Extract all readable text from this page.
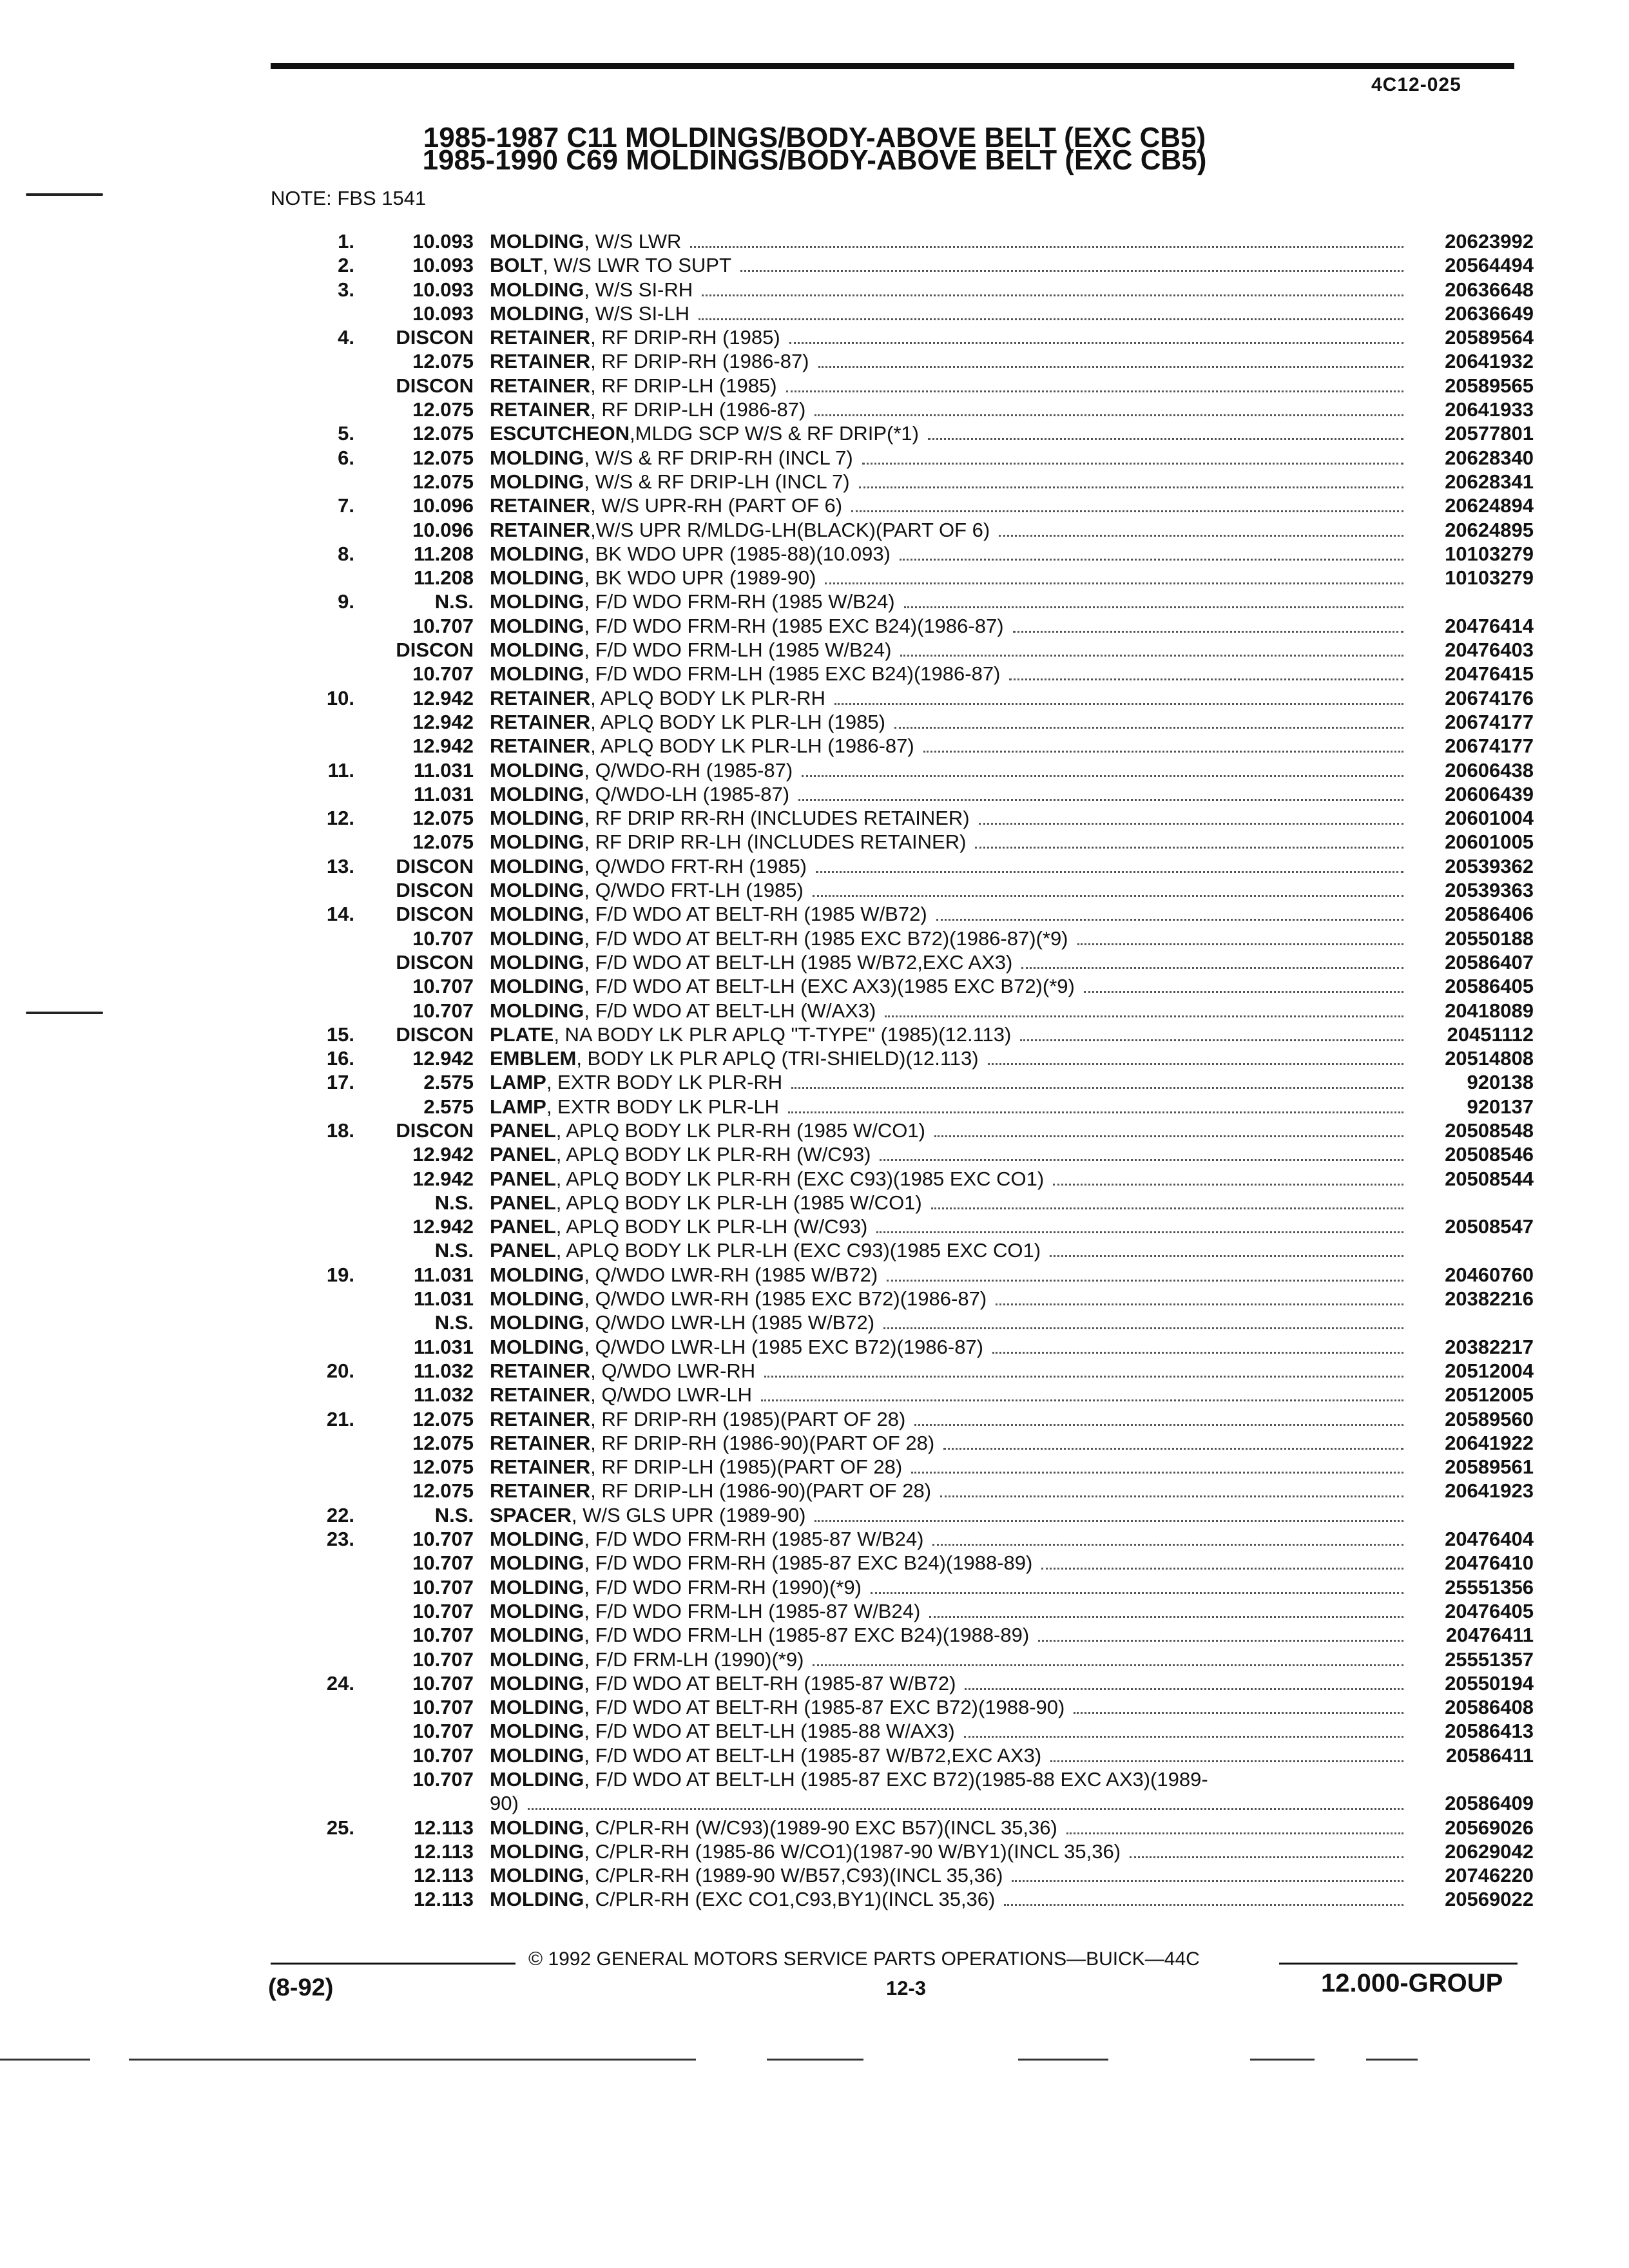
4C12-025
1985-1987 C11 MOLDINGS/BODY-ABOVE BELT (EXC CB5)
1985-1990 C69 MOLDINGS/BODY-ABOVE BELT (EXC CB5)
NOTE: FBS 1541
1.	10.093 MOLDING, W/S LWR	20623992
2.	10.093 BOLT, W/S LWR TO SUPT	20564494
3.	10.093 MOLDING, W/S SI-RH	20636648
10.093 MOLDING, W/S SI-LH	20636649
4.	DISCON RETAINER, RF DRIP-RH (1985)	20589564
12.075 RETAINER, RF DRIP-RH (1986-87)	20641932
DISCON RETAINER, RF DRIP-LH (1985)	20589565
12.075 RETAINER, RF DRIP-LH (1986-87)	20641933
5.	12.075 ESCUTCHEON,MLDG SCP W/S & RF DRIP(*1)	20577801
6.	12.075 MOLDING, W/S & RF DRIP-RH (INCL 7)	20628340
12.075 MOLDING, W/S & RF DRIP-LH (INCL 7)	20628341
7.	10.096 RETAINER, W/S UPR-RH (PART OF 6)	20624894
10.096 RETAINER,W/S UPR R/MLDG-LH(BLACK)(PART OF 6)	20624895
8.	11.208 MOLDING, BK WDO UPR (1985-88)(10.093)	10103279
11.208 MOLDING, BK WDO UPR (1989-90)	10103279
9.	N.S. MOLDING, F/D WDO FRM-RH (1985 W/B24)
10.707 MOLDING, F/D WDO FRM-RH (1985 EXC B24)(1986-87)	20476414
DISCON MOLDING, F/D WDO FRM-LH (1985 W/B24)	20476403
10.707 MOLDING, F/D WDO FRM-LH (1985 EXC B24)(1986-87)	20476415
10.	12.942 RETAINER, APLQ BODY LK PLR-RH	20674176
12.942 RETAINER, APLQ BODY LK PLR-LH (1985)	20674177
12.942 RETAINER, APLQ BODY LK PLR-LH (1986-87)	20674177
11.	11.031 MOLDING, Q/WDO-RH (1985-87)	20606438
11.031 MOLDING, Q/WDO-LH (1985-87)	20606439
12.	12.075 MOLDING, RF DRIP RR-RH (INCLUDES RETAINER)	20601004
12.075 MOLDING, RF DRIP RR-LH (INCLUDES RETAINER)	20601005
13.	DISCON MOLDING, Q/WDO FRT-RH (1985)	20539362
DISCON MOLDING, Q/WDO FRT-LH (1985)	20539363
14.	DISCON MOLDING, F/D WDO AT BELT-RH (1985 W/B72)	20586406
10.707 MOLDING, F/D WDO AT BELT-RH (1985 EXC B72)(1986-87)(*9)	20550188
DISCON MOLDING, F/D WDO AT BELT-LH (1985 W/B72,EXC AX3)	20586407
10.707 MOLDING, F/D WDO AT BELT-LH (EXC AX3)(1985 EXC B72)(*9)	20586405
10.707 MOLDING, F/D WDO AT BELT-LH (W/AX3)	20418089
15.	DISCON PLATE, NA BODY LK PLR APLQ "T-TYPE" (1985)(12.113)	20451112
16.	12.942 EMBLEM, BODY LK PLR APLQ (TRI-SHIELD)(12.113)	20514808
17.	2.575 LAMP, EXTR BODY LK PLR-RH	920138
2.575 LAMP, EXTR BODY LK PLR-LH	920137
18.	DISCON PANEL, APLQ BODY LK PLR-RH (1985 W/CO1)	20508548
12.942 PANEL, APLQ BODY LK PLR-RH (W/C93)	20508546
12.942 PANEL, APLQ BODY LK PLR-RH (EXC C93)(1985 EXC CO1)	20508544
N.S. PANEL, APLQ BODY LK PLR-LH (1985 W/CO1)
12.942 PANEL, APLQ BODY LK PLR-LH (W/C93)	20508547
N.S. PANEL, APLQ BODY LK PLR-LH (EXC C93)(1985 EXC CO1)
19.	11.031 MOLDING, Q/WDO LWR-RH (1985 W/B72)	20460760
11.031 MOLDING, Q/WDO LWR-RH (1985 EXC B72)(1986-87)	20382216
N.S. MOLDING, Q/WDO LWR-LH (1985 W/B72)
11.031 MOLDING, Q/WDO LWR-LH (1985 EXC B72)(1986-87)	20382217
20.	11.032 RETAINER, Q/WDO LWR-RH	20512004
11.032 RETAINER, Q/WDO LWR-LH	20512005
21.	12.075 RETAINER, RF DRIP-RH (1985)(PART OF 28)	20589560
12.075 RETAINER, RF DRIP-RH (1986-90)(PART OF 28)	20641922
12.075 RETAINER, RF DRIP-LH (1985)(PART OF 28)	20589561
12.075 RETAINER, RF DRIP-LH (1986-90)(PART OF 28)	20641923
22.	N.S. SPACER, W/S GLS UPR (1989-90)
23.	10.707 MOLDING, F/D WDO FRM-RH (1985-87 W/B24)	20476404
10.707 MOLDING, F/D WDO FRM-RH (1985-87 EXC B24)(1988-89)	20476410
10.707 MOLDING, F/D WDO FRM-RH (1990)(*9)	25551356
10.707 MOLDING, F/D WDO FRM-LH (1985-87 W/B24)	20476405
10.707 MOLDING, F/D WDO FRM-LH (1985-87 EXC B24)(1988-89)	20476411
10.707 MOLDING, F/D FRM-LH (1990)(*9)	25551357
24.	10.707 MOLDING, F/D WDO AT BELT-RH (1985-87 W/B72)	20550194
10.707 MOLDING, F/D WDO AT BELT-RH (1985-87 EXC B72)(1988-90)	20586408
10.707 MOLDING, F/D WDO AT BELT-LH (1985-88 W/AX3)	20586413
10.707 MOLDING, F/D WDO AT BELT-LH (1985-87 W/B72,EXC AX3)	20586411
10.707 MOLDING, F/D WDO AT BELT-LH (1985-87 EXC B72)(1985-88 EXC AX3)(1989-
90)	20586409
25.	12.113 MOLDING, C/PLR-RH (W/C93)(1989-90 EXC B57)(INCL 35,36)	20569026
12.113 MOLDING, C/PLR-RH (1985-86 W/CO1)(1987-90 W/BY1)(INCL 35,36)	20629042
12.113 MOLDING, C/PLR-RH (1989-90 W/B57,C93)(INCL 35,36)	20746220
12.113 MOLDING, C/PLR-RH (EXC CO1,C93,BY1)(INCL 35,36)	20569022
© 1992 GENERAL MOTORS SERVICE PARTS OPERATIONS—BUICK—44C
12-3
(8-92)	12.000-GROUP
